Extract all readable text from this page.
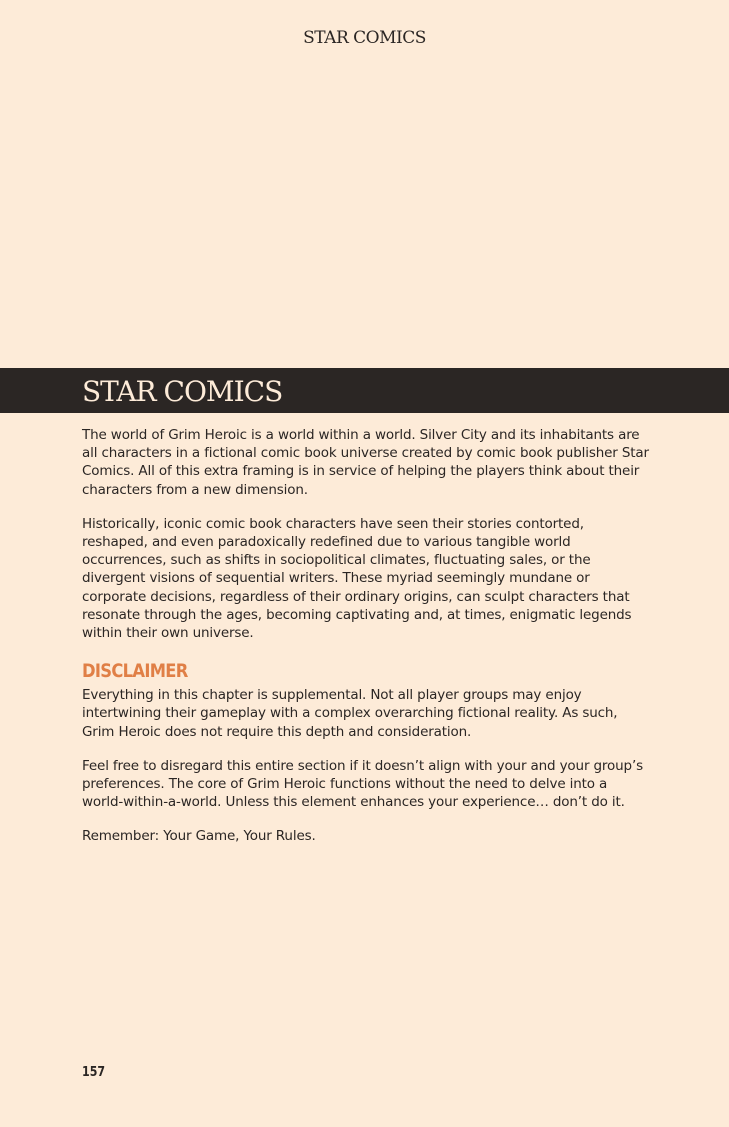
STAR COMICS
STAR COMICS

The world of Grim Heroic is a world within a world. Silver City and its inhabitants are all characters in a fictional comic book universe created by comic book publisher Star Comics. All of this extra framing is in service of helping the players think about their characters from a new dimension.

Historically, iconic comic book characters have seen their stories contorted, reshaped, and even paradoxically redefined due to various tangible world occurrences, such as shifts in sociopolitical climates, fluctuating sales, or the divergent visions of sequential writers. These myriad seemingly mundane or corporate decisions, regardless of their ordinary origins, can sculpt characters that resonate through the ages, becoming captivating and, at times, enigmatic legends within their own universe.

DISCLAIMER

Everything in this chapter is supplemental. Not all player groups may enjoy intertwining their gameplay with a complex overarching fictional reality. As such, Grim Heroic does not require this depth and consideration.

Feel free to disregard this entire section if it doesn’t align with your and your group’s preferences. The core of Grim Heroic functions without the need to delve into a world-within-a-world. Unless this element enhances your experience… don’t do it.

Remember: Your Game, Your Rules.

157
